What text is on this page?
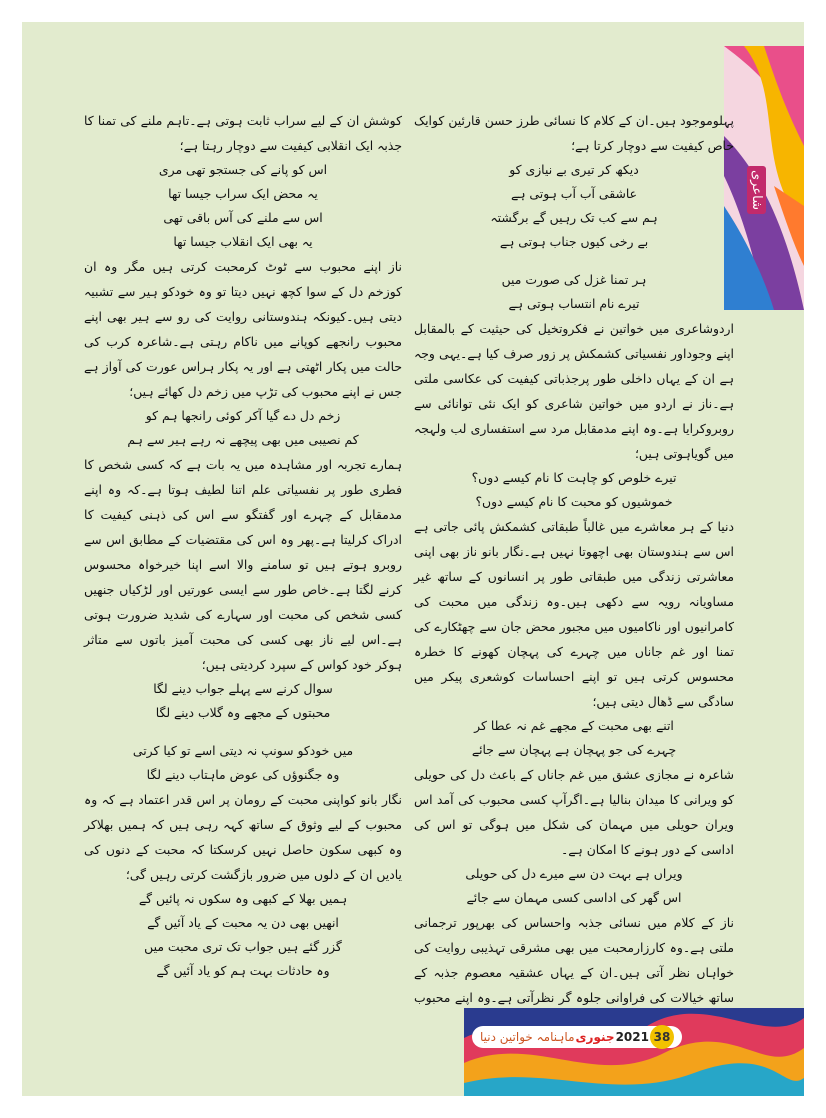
شاعری

پہلوموجود ہیں۔ان کے کلام کا نسائی طرز حسن قارئین کوایک خاص کیفیت سے دوچار کرتا ہے؛

دیکھ کر تیری بے نیازی کو

عاشقی آب آب ہوتی ہے

ہم سے کب تک رہیں گے برگشتہ

بے رخی کیوں جناب ہوتی ہے

ہر تمنا غزل کی صورت میں

تیرے نام انتساب ہوتی ہے

اردوشاعری میں خواتین نے فکروتخیل کی حیثیت کے بالمقابل اپنے وجوداور نفسیاتی کشمکش پر زور صرف کیا ہے۔یہی وجہ ہے ان کے یہاں داخلی طور پرجذباتی کیفیت کی عکاسی ملتی ہے۔ناز نے اردو میں خواتین شاعری کو ایک نئی توانائی سے روبروکرایا ہے۔وہ اپنے مدمقابل مرد سے استفساری لب ولہجہ میں گویاہوتی ہیں؛

تیرے خلوص کو چاہت کا نام کیسے دوں؟

خموشیوں کو محبت کا نام کیسے دوں؟

دنیا کے ہر معاشرے میں غالباً طبقاتی کشمکش پائی جاتی ہے اس سے ہندوستان بھی اچھوتا نہیں ہے۔نگار بانو ناز بھی اپنی معاشرتی زندگی میں طبقاتی طور پر انسانوں کے ساتھ غیر مساویانہ رویہ سے دکھی ہیں۔وہ زندگی میں محبت کی کامرانیوں اور ناکامیوں میں مجبور محض جان سے چھٹکارے کی تمنا اور غم جاناں میں چہرے کی پہچان کھونے کا خطرہ محسوس کرتی ہیں تو اپنے احساسات کوشعری پیکر میں سادگی سے ڈھال دیتی ہیں؛

اتنے بھی محبت کے مجھے غم نہ عطا کر

چہرے کی جو پہچان ہے پہچان سے جائے

شاعرہ نے مجازی عشق میں غم جاناں کے باعث دل کی حویلی کو ویرانی کا میدان بنالیا ہے۔اگرآپ کسی محبوب کی آمد اس ویران حویلی میں مہمان کی شکل میں ہوگی تو اس کی اداسی کے دور ہونے کا امکان ہے۔

ویراں ہے بہت دن سے میرے دل کی حویلی

اس گھر کی اداسی کسی مہمان سے جائے

ناز کے کلام میں نسائی جذبہ واحساس کی بھرپور ترجمانی ملتی ہے۔وہ کارزارمحبت میں بھی مشرقی تہذیبی روایت کی خواہاں نظر آتی ہیں۔ان کے یہاں عشقیہ معصوم جذبہ کے ساتھ خیالات کی فراوانی جلوہ گر نظرآتی ہے۔وہ اپنے محبوب

کوشش ان کے لیے سراب ثابت ہوتی ہے۔تاہم ملنے کی تمنا کا جذبہ ایک انقلابی کیفیت سے دوچار رہتا ہے؛

اس کو پانے کی جستجو تھی مری

یہ محض ایک سراب جیسا تھا

اس سے ملنے کی آس باقی تھی

یہ بھی ایک انقلاب جیسا تھا

ناز اپنے محبوب سے ٹوٹ کرمحبت کرتی ہیں مگر وہ ان کوزخم دل کے سوا کچھ نہیں دیتا تو وہ خودکو ہیر سے تشبیہ دیتی ہیں۔کیونکہ ہندوستانی روایت کی رو سے ہیر بھی اپنے محبوب رانجھے کوپانے میں ناکام رہتی ہے۔شاعرہ کرب کی حالت میں پکار اٹھتی ہے اور یہ پکار ہراس عورت کی آواز ہے جس نے اپنے محبوب کی تڑپ میں زخم دل کھائے ہیں؛

زخم دل دے گیا آکر کوئی رانجھا ہم کو

کم نصیبی میں بھی پیچھے نہ رہے ہیر سے ہم

ہمارے تجربہ اور مشاہدہ میں یہ بات ہے کہ کسی شخص کا فطری طور پر نفسیاتی علم اتنا لطیف ہوتا ہے۔کہ وہ اپنے مدمقابل کے چہرے اور گفتگو سے اس کی ذہنی کیفیت کا ادراک کرلیتا ہے۔پھر وہ اس کی مقتضیات کے مطابق اس سے روبرو ہوتے ہیں تو سامنے والا اسے اپنا خیرخواہ محسوس کرنے لگتا ہے۔خاص طور سے ایسی عورتیں اور لڑکیاں جنھیں کسی شخص کی محبت اور سہارے کی شدید ضرورت ہوتی ہے۔اس لیے ناز بھی کسی کی محبت آمیز باتوں سے متاثر ہوکر خود کواس کے سپرد کردیتی ہیں؛

سوال کرنے سے پہلے جواب دینے لگا

محبتوں کے مجھے وہ گلاب دینے لگا

میں خودکو سونپ نہ دیتی اسے تو کیا کرتی

وہ جگنوؤں کی عوض ماہتاب دینے لگا

نگار بانو کواپنی محبت کے رومان پر اس قدر اعتماد ہے کہ وہ محبوب کے لیے وثوق کے ساتھ کہہ رہی ہیں کہ ہمیں بھلاکر وہ کبھی سکون حاصل نہیں کرسکتا کہ محبت کے دنوں کی یادیں ان کے دلوں میں ضرور بازگشت کرتی رہیں گی؛

ہمیں بھلا کے کبھی وہ سکوں نہ پائیں گے

انھیں بھی دن یہ محبت کے یاد آئیں گے

گزر گئے ہیں جواب تک تری محبت میں

وہ حادثات بہت ہم کو یاد آئیں گے

38
2021
جنوری
ماہنامہ خواتین دنیا
